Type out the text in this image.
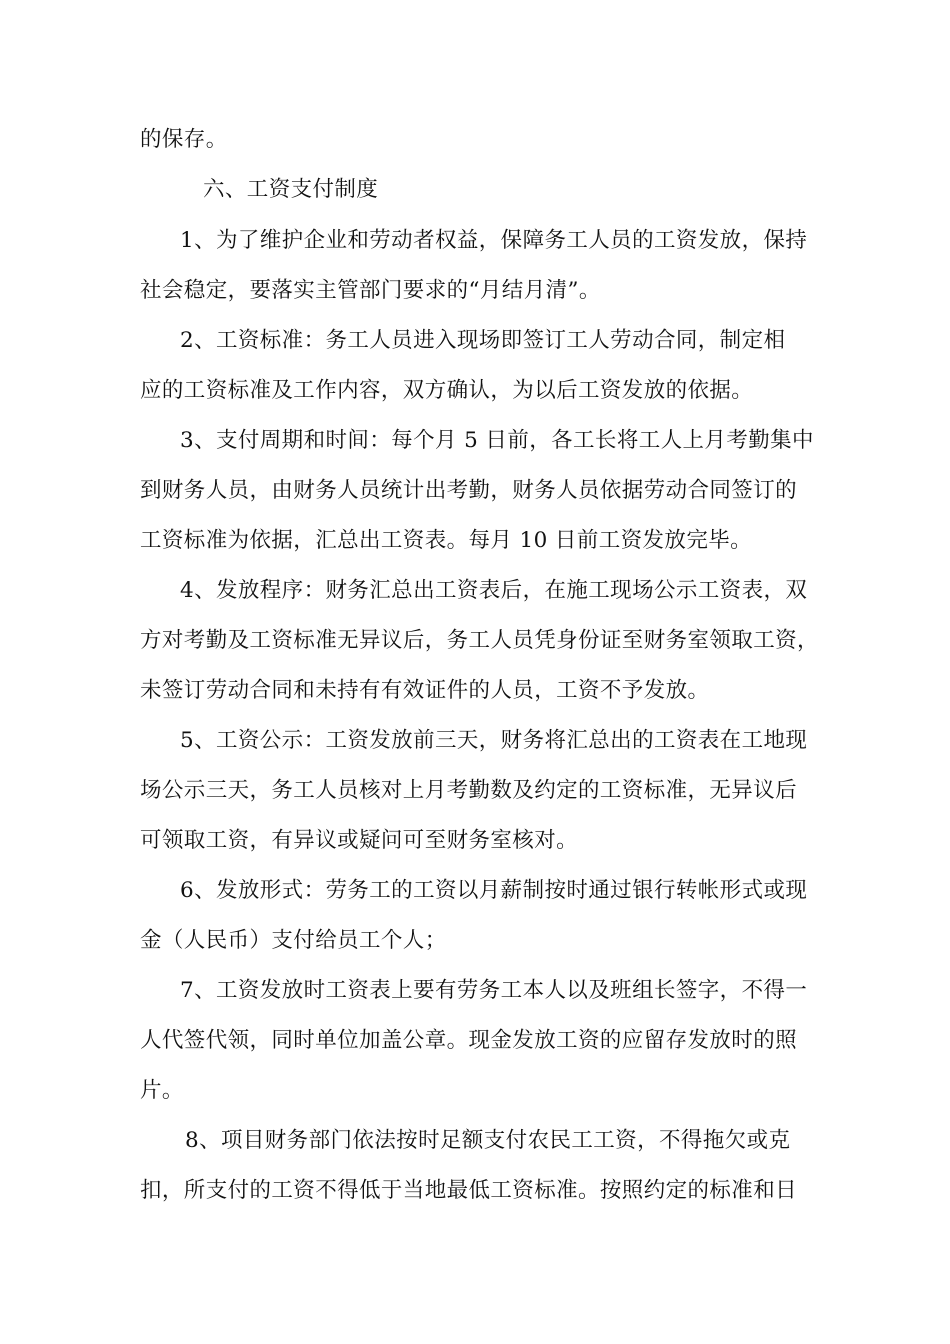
的保存。
六、工资支付制度
1、为了维护企业和劳动者权益，保障务工人员的工资发放，保持
社会稳定，要落实主管部门要求的“月结月清”。
2、工资标准：务工人员进入现场即签订工人劳动合同，制定相
应的工资标准及工作内容，双方确认，为以后工资发放的依据。
3、支付周期和时间：每个月 5 日前，各工长将工人上月考勤集中
到财务人员，由财务人员统计出考勤，财务人员依据劳动合同签订的
工资标准为依据，汇总出工资表。每月 10 日前工资发放完毕。
4、发放程序：财务汇总出工资表后，在施工现场公示工资表，双
方对考勤及工资标准无异议后，务工人员凭身份证至财务室领取工资，
未签订劳动合同和未持有有效证件的人员，工资不予发放。
5、工资公示：工资发放前三天，财务将汇总出的工资表在工地现
场公示三天，务工人员核对上月考勤数及约定的工资标准，无异议后
可领取工资，有异议或疑问可至财务室核对。
6、发放形式：劳务工的工资以月薪制按时通过银行转帐形式或现
金（人民币）支付给员工个人；
7、工资发放时工资表上要有劳务工本人以及班组长签字，不得一
人代签代领，同时单位加盖公章。现金发放工资的应留存发放时的照
片。
8、项目财务部门依法按时足额支付农民工工资，不得拖欠或克
扣，所支付的工资不得低于当地最低工资标准。按照约定的标准和日
